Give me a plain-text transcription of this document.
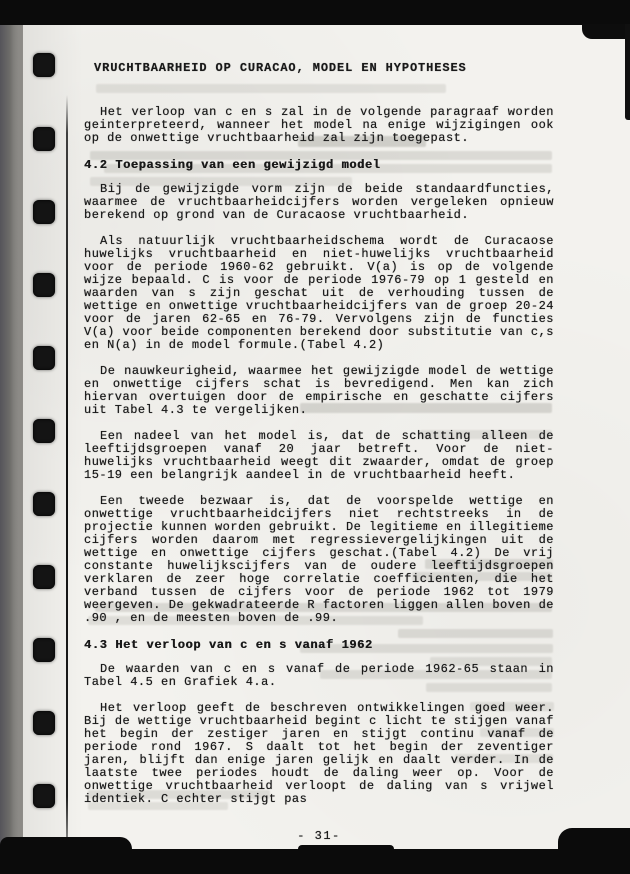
VRUCHTBAARHEID OP CURACAO, MODEL EN HYPOTHESES

Het verloop van c en s zal in de volgende paragraaf worden geinterpreteerd, wanneer het model na enige wijzigingen ook op de onwettige vruchtbaarheid zal zijn toegepast.

4.2 Toepassing van een gewijzigd model

Bij de gewijzigde vorm zijn de beide standaardfuncties, waarmee de vruchtbaarheidcijfers worden vergeleken opnieuw berekend op grond van de Curacaose vruchtbaarheid.

Als natuurlijk vruchtbaarheidschema wordt de Curacaose huwelijks vruchtbaarheid en niet-huwelijks vruchtbaarheid voor de periode 1960-62 gebruikt. V(a) is op de volgende wijze bepaald. C is voor de periode 1976-79 op 1 gesteld en waarden van s zijn geschat uit de verhouding tussen de wettige en onwettige vruchtbaarheidcijfers van de groep 20-24 voor de jaren 62-65 en 76-79. Vervolgens zijn de functies V(a) voor beide componenten berekend door substitutie van c,s en N(a) in de model formule.(Tabel 4.2)

De nauwkeurigheid, waarmee het gewijzigde model de wettige en onwettige cijfers schat is bevredigend. Men kan zich hiervan overtuigen door de empirische en geschatte cijfers uit Tabel 4.3 te vergelijken.

Een nadeel van het model is, dat de schatting alleen de leeftijdsgroepen vanaf 20 jaar betreft. Voor de niet-huwelijks vruchtbaarheid weegt dit zwaarder, omdat de groep 15-19 een belangrijk aandeel in de vruchtbaarheid heeft.

Een tweede bezwaar is, dat de voorspelde wettige en onwettige vruchtbaarheidcijfers niet rechtstreeks in de projectie kunnen worden gebruikt. De legitieme en illegitieme cijfers worden daarom met regressievergelijkingen uit de wettige en onwettige cijfers geschat.(Tabel 4.2) De vrij constante huwelijkscijfers van de oudere leeftijdsgroepen verklaren de zeer hoge correlatie coefficienten, die het verband tussen de cijfers voor de periode 1962 tot 1979 weergeven. De gekwadrateerde R factoren liggen allen boven de .90 , en de meesten boven de .99.

4.3 Het verloop van c en s vanaf 1962

De waarden van c en s vanaf de periode 1962-65 staan in Tabel 4.5 en Grafiek 4.a.

Het verloop geeft de beschreven ontwikkelingen goed weer. Bij de wettige vruchtbaarheid begint c licht te stijgen vanaf het begin der zestiger jaren en stijgt continu vanaf de periode rond 1967. S daalt tot het begin der zeventiger jaren, blijft dan enige jaren gelijk en daalt verder. In de laatste twee periodes houdt de daling weer op. Voor de onwettige vruchtbaarheid verloopt de daling van s vrijwel identiek. C echter stijgt pas

- 31-
